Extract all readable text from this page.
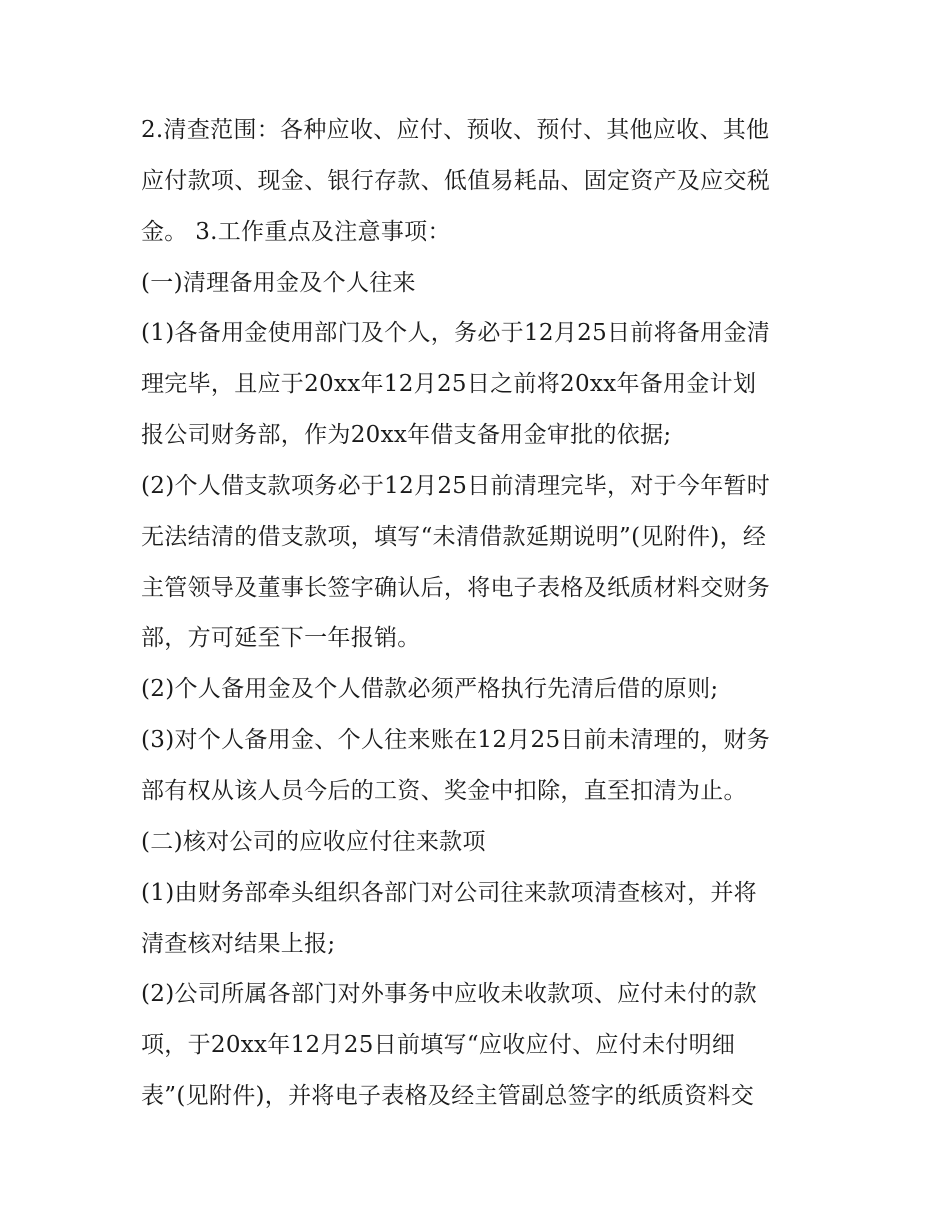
2.清查范围：各种应收、应付、预收、预付、其他应收、其他
应付款项、现金、银行存款、低值易耗品、固定资产及应交税
金。 3.工作重点及注意事项：
(一)清理备用金及个人往来
(1)各备用金使用部门及个人，务必于12月25日前将备用金清
理完毕，且应于20xx年12月25日之前将20xx年备用金计划
报公司财务部，作为20xx年借支备用金审批的依据;
(2)个人借支款项务必于12月25日前清理完毕，对于今年暂时
无法结清的借支款项，填写“未清借款延期说明”(见附件)，经
主管领导及董事长签字确认后，将电子表格及纸质材料交财务
部，方可延至下一年报销。
(2)个人备用金及个人借款必须严格执行先清后借的原则;
(3)对个人备用金、个人往来账在12月25日前未清理的，财务
部有权从该人员今后的工资、奖金中扣除，直至扣清为止。
(二)核对公司的应收应付往来款项
(1)由财务部牵头组织各部门对公司往来款项清查核对，并将
清查核对结果上报;
(2)公司所属各部门对外事务中应收未收款项、应付未付的款
项，于20xx年12月25日前填写“应收应付、应付未付明细
表”(见附件)，并将电子表格及经主管副总签字的纸质资料交
